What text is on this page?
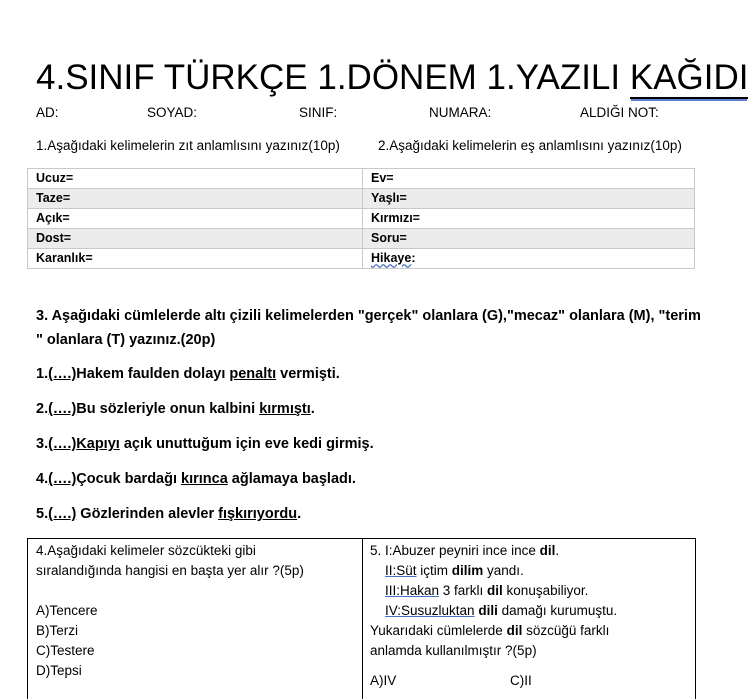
4.SINIF TÜRKÇE 1.DÖNEM 1.YAZILI KAĞIDI
AD:	SOYAD:	SINIF:	NUMARA:	ALDIĞI NOT:
1.Aşağıdaki kelimelerin zıt anlamlısını yazınız(10p)	2.Aşağıdaki kelimelerin eş anlamlısını yazınız(10p)
Ucuz=	Ev=
Taze=	Yaşlı=
Açık=	Kırmızı=
Dost=	Soru=
Karanlık=	Hikaye:
3. Aşağıdaki cümlelerde altı çizili kelimelerden "gerçek" olanlara (G),"mecaz" olanlara (M), "terim " olanlara (T) yazınız.(20p)
1.(….)Hakem faulden dolayı penaltı vermişti.
2.(….)Bu sözleriyle onun kalbini kırmıştı.
3.(….)Kapıyı açık unuttuğum için eve kedi girmiş.
4.(….)Çocuk bardağı kırınca ağlamaya başladı.
5.(….) Gözlerinden alevler fışkırıyordu.
4.Aşağıdaki kelimeler sözcükteki gibi
sıralandığında hangisi en başta yer alır ?(5p)
A)Tencere
B)Terzi
C)Testere
D)Tepsi
5. I:Abuzer peyniri ince ince dil.
II:Süt içtim dilim yandı.
III:Hakan 3 farklı dil konuşabiliyor.
IV:Susuzluktan dili damağı kurumuştu.
Yukarıdaki cümlelerde dil sözcüğü farklı
anlamda kullanılmıştır ?(5p)
A)IV	C)II
